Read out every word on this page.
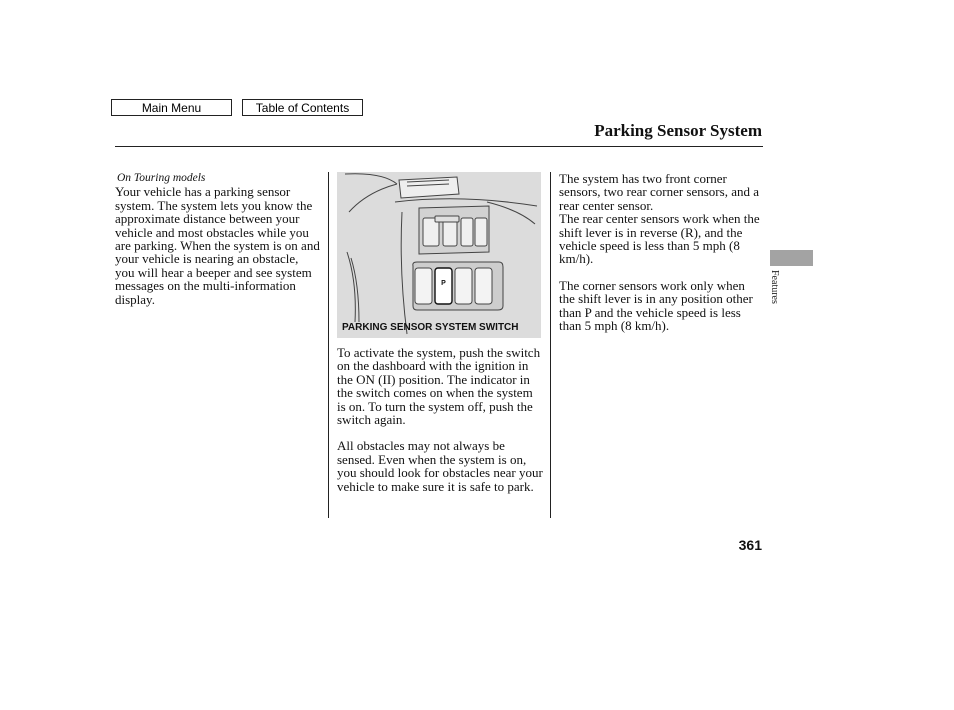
Main Menu	Table of Contents
Parking Sensor System

On Touring models

Your vehicle has a parking sensor system. The system lets you know the approximate distance between your vehicle and most obstacles while you are parking. When the system is on and your vehicle is nearing an obstacle, you will hear a beeper and see system messages on the multi-information display.

P
PARKING SENSOR SYSTEM SWITCH

To activate the system, push the switch on the dashboard with the ignition in the ON (II) position. The indicator in the switch comes on when the system is on. To turn the system off, push the switch again.

All obstacles may not always be sensed. Even when the system is on, you should look for obstacles near your vehicle to make sure it is safe to park.

The system has two front corner sensors, two rear corner sensors, and a rear center sensor.

The rear center sensors work when the shift lever is in reverse (R), and the vehicle speed is less than 5 mph (8 km/h).

The corner sensors work only when the shift lever is in any position other than P and the vehicle speed is less than 5 mph (8 km/h).

Features
361
